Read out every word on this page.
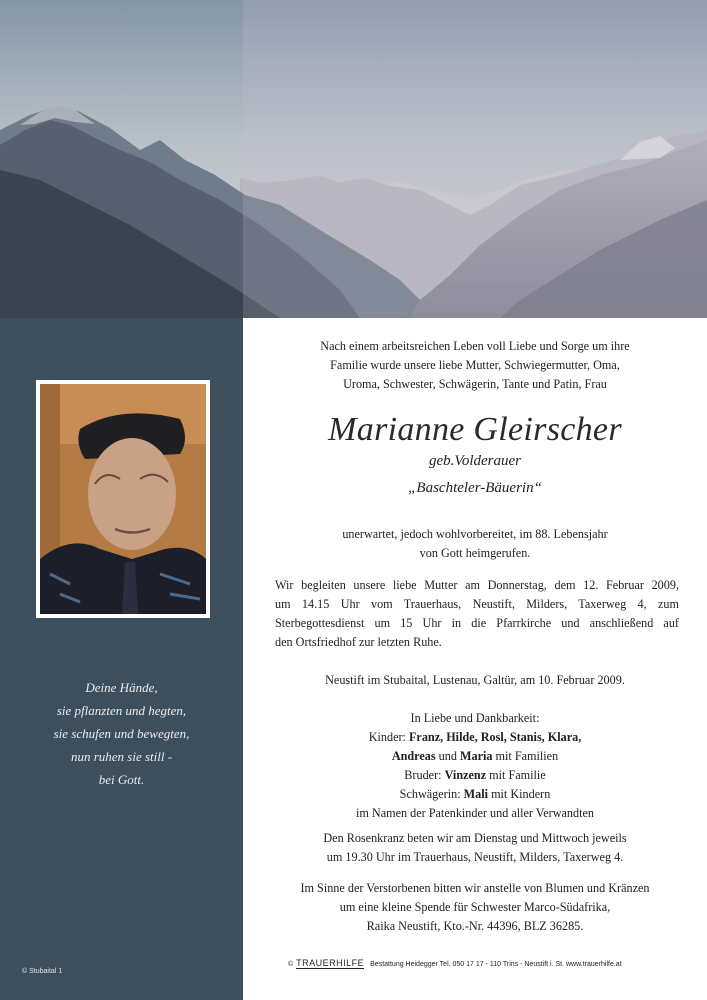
Deine Hände,
sie pflanzten und hegten,
sie schufen und bewegten,
nun ruhen sie still -
bei Gott.
© Stubaital 1
Nach einem arbeitsreichen Leben voll Liebe und Sorge um ihre
Familie wurde unsere liebe Mutter, Schwiegermutter, Oma,
Uroma, Schwester, Schwägerin, Tante und Patin, Frau
Marianne Gleirscher
geb.Volderauer
„Baschteler-Bäuerin“
unerwartet, jedoch wohlvorbereitet, im 88. Lebensjahr
von Gott heimgerufen.
Wir begleiten unsere liebe Mutter am Donnerstag, dem 12. Februar 2009,
um 14.15 Uhr vom Trauerhaus, Neustift, Milders, Taxerweg 4, zum
Sterbegottesdienst um 15 Uhr in die Pfarrkirche und anschließend auf
den Ortsfriedhof zur letzten Ruhe.
Neustift im Stubaital, Lustenau, Galtür, am 10. Februar 2009.
In Liebe und Dankbarkeit:
Kinder: Franz, Hilde, Rosl, Stanis, Klara,
Andreas und Maria mit Familien
Bruder: Vinzenz mit Familie
Schwägerin: Mali mit Kindern
im Namen der Patenkinder und aller Verwandten
Den Rosenkranz beten wir am Dienstag und Mittwoch jeweils
um 19.30 Uhr im Trauerhaus, Neustift, Milders, Taxerweg 4.
Im Sinne der Verstorbenen bitten wir anstelle von Blumen und Kränzen
um eine kleine Spende für Schwester Marco-Südafrika,
Raika Neustift, Kto.-Nr. 44396, BLZ 36285.
© TRAUERHILFE Bestattung Heidegger Tel. 050 17 17 - 110 Trins - Neustift i. St. www.trauerhilfe.at
